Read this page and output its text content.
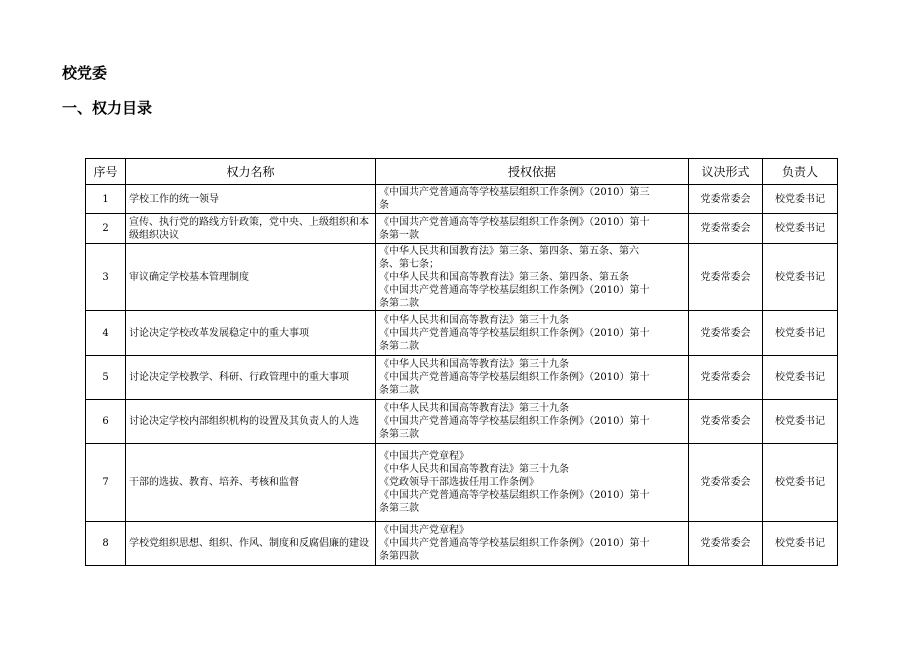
校党委
一、权力目录
序号	权力名称	授权依据	议决形式	负责人
1	学校工作的统一领导	《中国共产党普通高等学校基层组织工作条例》（2010）第三
条	党委常委会	校党委书记
2	宣传、执行党的路线方针政策，党中央、上级组织和本级组织决议	《中国共产党普通高等学校基层组织工作条例》（2010）第十
条第一款	党委常委会	校党委书记
3	审议确定学校基本管理制度	《中华人民共和国教育法》第三条、第四条、第五条、第六
条、第七条；
《中华人民共和国高等教育法》第三条、第四条、第五条
《中国共产党普通高等学校基层组织工作条例》（2010）第十
条第二款	党委常委会	校党委书记
4	讨论决定学校改革发展稳定中的重大事项	《中华人民共和国高等教育法》第三十九条
《中国共产党普通高等学校基层组织工作条例》（2010）第十
条第二款	党委常委会	校党委书记
5	讨论决定学校教学、科研、行政管理中的重大事项	《中华人民共和国高等教育法》第三十九条
《中国共产党普通高等学校基层组织工作条例》（2010）第十
条第二款	党委常委会	校党委书记
6	讨论决定学校内部组织机构的设置及其负责人的人选	《中华人民共和国高等教育法》第三十九条
《中国共产党普通高等学校基层组织工作条例》（2010）第十
条第三款	党委常委会	校党委书记
7	干部的选拔、教育、培养、考核和监督	《中国共产党章程》
《中华人民共和国高等教育法》第三十九条
《党政领导干部选拔任用工作条例》
《中国共产党普通高等学校基层组织工作条例》（2010）第十
条第三款	党委常委会	校党委书记
8	学校党组织思想、组织、作风、制度和反腐倡廉的建设	《中国共产党章程》
《中国共产党普通高等学校基层组织工作条例》（2010）第十
条第四款	党委常委会	校党委书记
